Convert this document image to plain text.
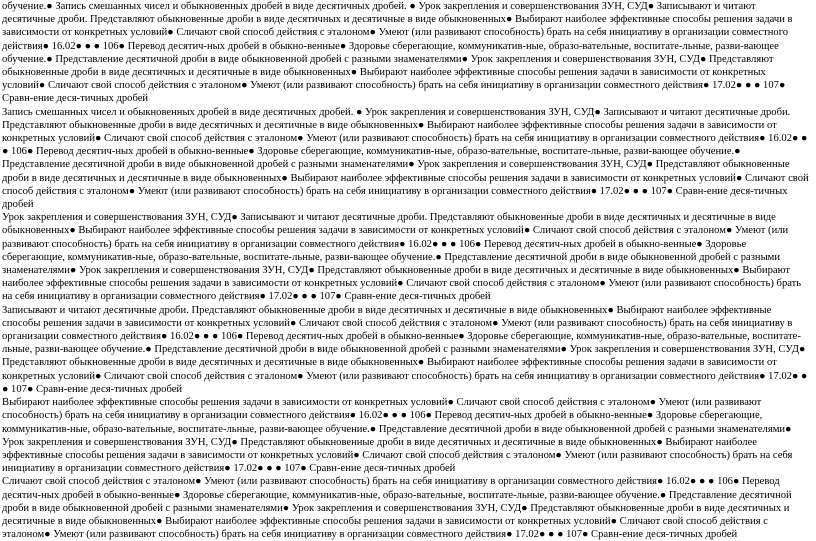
обучение.● Запись смешанных чисел и обыкновенных дробей в виде десятичных дробей. ● Урок закрепления и совершенствования ЗУН, СУД● Записывают и читают десятичные дроби. Представляют обыкновенные дроби в виде десятичных и десятичные в виде обыкновенных● Выбирают наиболее эффективные способы решения задачи в зависимости от конкретных условий● Сличают свой способ действия с эталоном● Умеют (или развивают способность) брать на себя инициативу в организации совместного действия● 16.02● ● ● 106● Перевод десятич-ных дробей в обыкно-венные● Здоровье сберегающие, коммуникатив-ные, образо-вательные, воспитате-льные, разви-вающее обучение.● Представление десятичной дроби в виде обыкновенной дробей с разными знаменателями● Урок закрепления и совершенствования ЗУН, СУД● Представляют обыкновенные дроби в виде десятичных и десятичные в виде обыкновенных● Выбирают наиболее эффективные способы решения задачи в зависимости от конкретных условий● Сличают свой способ действия с эталоном● Умеют (или развивают способность) брать на себя инициативу в организации совместного действия● 17.02● ● ● 107● Сравн-ение деся-тичных дробей

Запись смешанных чисел и обыкновенных дробей в виде десятичных дробей. ● Урок закрепления и совершенствования ЗУН, СУД● Записывают и читают десятичные дроби. Представляют обыкновенные дроби в виде десятичных и десятичные в виде обыкновенных● Выбирают наиболее эффективные способы решения задачи в зависимости от конкретных условий● Сличают свой способ действия с эталоном● Умеют (или развивают способность) брать на себя инициативу в организации совместного действия● 16.02● ● ● 106● Перевод десятич-ных дробей в обыкно-венные● Здоровье сберегающие, коммуникатив-ные, образо-вательные, воспитате-льные, разви-вающее обучение.● Представление десятичной дроби в виде обыкновенной дробей с разными знаменателями● Урок закрепления и совершенствования ЗУН, СУД● Представляют обыкновенные дроби в виде десятичных и десятичные в виде обыкновенных● Выбирают наиболее эффективные способы решения задачи в зависимости от конкретных условий● Сличают свой способ действия с эталоном● Умеют (или развивают способность) брать на себя инициативу в организации совместного действия● 17.02● ● ● 107● Сравн-ение деся-тичных дробей

Урок закрепления и совершенствования ЗУН, СУД● Записывают и читают десятичные дроби. Представляют обыкновенные дроби в виде десятичных и десятичные в виде обыкновенных● Выбирают наиболее эффективные способы решения задачи в зависимости от конкретных условий● Сличают свой способ действия с эталоном● Умеют (или развивают способность) брать на себя инициативу в организации совместного действия● 16.02● ● ● 106● Перевод десятич-ных дробей в обыкно-венные● Здоровье сберегающие, коммуникатив-ные, образо-вательные, воспитате-льные, разви-вающее обучение.● Представление десятичной дроби в виде обыкновенной дробей с разными знаменателями● Урок закрепления и совершенствования ЗУН, СУД● Представляют обыкновенные дроби в виде десятичных и десятичные в виде обыкновенных● Выбирают наиболее эффективные способы решения задачи в зависимости от конкретных условий● Сличают свой способ действия с эталоном● Умеют (или развивают способность) брать на себя инициативу в организации совместного действия● 17.02● ● ● 107● Сравн-ение деся-тичных дробей

Записывают и читают десятичные дроби. Представляют обыкновенные дроби в виде десятичных и десятичные в виде обыкновенных● Выбирают наиболее эффективные способы решения задачи в зависимости от конкретных условий● Сличают свой способ действия с эталоном● Умеют (или развивают способность) брать на себя инициативу в организации совместного действия● 16.02● ● ● 106● Перевод десятич-ных дробей в обыкно-венные● Здоровье сберегающие, коммуникатив-ные, образо-вательные, воспитате-льные, разви-вающее обучение.● Представление десятичной дроби в виде обыкновенной дробей с разными знаменателями● Урок закрепления и совершенствования ЗУН, СУД● Представляют обыкновенные дроби в виде десятичных и десятичные в виде обыкновенных● Выбирают наиболее эффективные способы решения задачи в зависимости от конкретных условий● Сличают свой способ действия с эталоном● Умеют (или развивают способность) брать на себя инициативу в организации совместного действия● 17.02● ● ● 107● Сравн-ение деся-тичных дробей

Выбирают наиболее эффективные способы решения задачи в зависимости от конкретных условий● Сличают свой способ действия с эталоном● Умеют (или развивают способность) брать на себя инициативу в организации совместного действия● 16.02● ● ● 106● Перевод десятич-ных дробей в обыкно-венные● Здоровье сберегающие, коммуникатив-ные, образо-вательные, воспитате-льные, разви-вающее обучение.● Представление десятичной дроби в виде обыкновенной дробей с разными знаменателями● Урок закрепления и совершенствования ЗУН, СУД● Представляют обыкновенные дроби в виде десятичных и десятичные в виде обыкновенных● Выбирают наиболее эффективные способы решения задачи в зависимости от конкретных условий● Сличают свой способ действия с эталоном● Умеют (или развивают способность) брать на себя инициативу в организации совместного действия● 17.02● ● ● 107● Сравн-ение деся-тичных дробей

Сличают свой способ действия с эталоном● Умеют (или развивают способность) брать на себя инициативу в организации совместного действия● 16.02● ● ● 106● Перевод десятич-ных дробей в обыкно-венные● Здоровье сберегающие, коммуникатив-ные, образо-вательные, воспитате-льные, разви-вающее обучение.● Представление десятичной дроби в виде обыкновенной дробей с разными знаменателями● Урок закрепления и совершенствования ЗУН, СУД● Представляют обыкновенные дроби в виде десятичных и десятичные в виде обыкновенных● Выбирают наиболее эффективные способы решения задачи в зависимости от конкретных условий● Сличают свой способ действия с эталоном● Умеют (или развивают способность) брать на себя инициативу в организации совместного действия● 17.02● ● ● 107● Сравн-ение деся-тичных дробей
